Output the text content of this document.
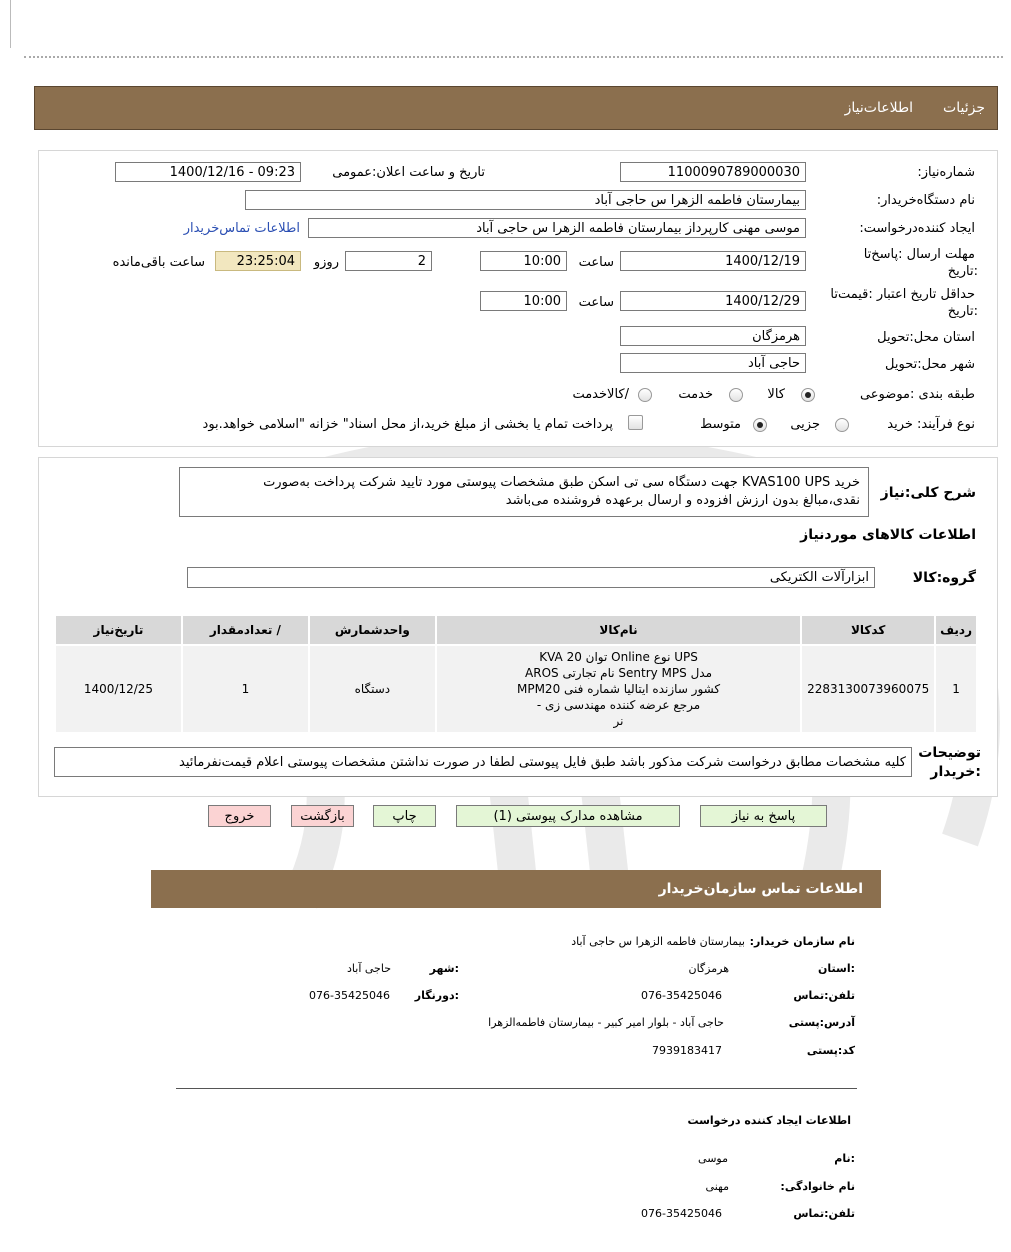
جزئیات
اطلاعات‌نیاز
شماره‌نیاز:
1100090789000030
تاریخ و ساعت اعلان:عمومی
1400/12/16 - 09:23
نام دستگاه‌خریدار:
بیمارستان فاطمه الزهرا س حاجی آباد
ایجاد کننده‌درخواست:
موسی مهنی کارپرداز بیمارستان فاطمه الزهرا س حاجی آباد
اطلاعات تماس‌خریدار
مهلت ارسال :پاسخ‌تا
:تاریخ
1400/12/19
ساعت
10:00
2
روزو
23:25:04
ساعت باقی‌مانده
حداقل تاریخ اعتبار :قیمت‌تا
:تاریخ
1400/12/29
ساعت
10:00
استان محل:تحویل
هرمزگان
شهر محل:تحویل
حاجی آباد
طبقه بندی :موضوعی
کالا
خدمت
/کالاخدمت
نوع فرآیند: خرید
جزیی
متوسط
پرداخت تمام یا بخشی از مبلغ خرید،از محل اسناد" خزانه "اسلامی خواهد.بود
شرح کلی:نیاز
خرید KVAS100 UPS جهت دستگاه سی تی اسکن طبق مشخصات پیوستی مورد تایید شرکت پرداخت به‌صورت
نقدی،مبالغ بدون ارزش افزوده و ارسال برعهده فروشنده می‌باشد
اطلاعات کالاهای موردنیاز
گروه:کالا
ابزارآلات الکتریکی
ردیف	کدکالا	نام‌کالا	واحدشمارش	/ تعدادمقدار	تاریخ‌نیاز
1	2283130073960075	UPS نوع Online توان 20 KVA
مدل Sentry MPS نام تجارتی AROS
کشور سازنده ایتالیا شماره فنی MPM20
مرجع عرضه کننده مهندسی زی -
نر	دستگاه	1	1400/12/25
توضیحات
:خریدار
کلیه مشخصات مطابق درخواست شرکت مذکور باشد طبق فایل پیوستی لطفا در صورت نداشتن مشخصات پیوستی اعلام قیمت‌نفرمائید
پاسخ به نیاز
مشاهده مدارک پیوستی (1)
چاپ
بازگشت
خروج
اطلاعات تماس سازمان‌خریدار
نام سازمان خریدار:
بیمارستان فاطمه الزهرا س حاجی آباد
:استان
هرمزگان
:شهر
حاجی آباد
تلفن:تماس
076-35425046
:دورنگار
076-35425046
آدرس:پستی
حاجی آباد - بلوار امیر کبیر - بیمارستان فاطمه‌الزهرا
کد:پستی
7939183417
اطلاعات ایجاد کننده درخواست
:نام
موسی
نام خانوادگی:
مهنی
تلفن:تماس
076-35425046
